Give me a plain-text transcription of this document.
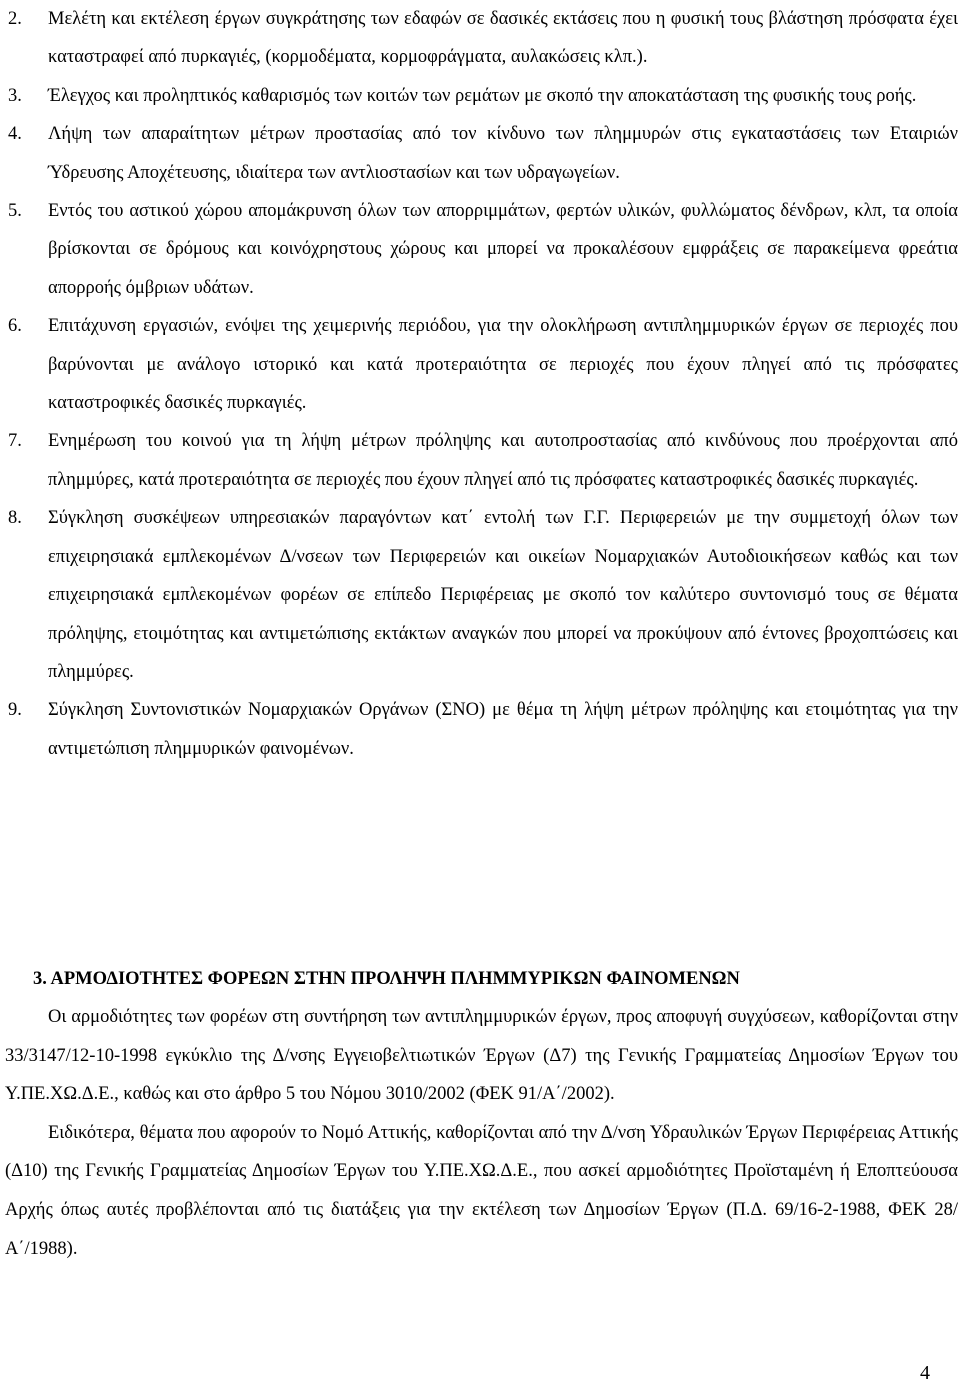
2.	Μελέτη και εκτέλεση έργων συγκράτησης των εδαφών σε δασικές εκτάσεις που η φυσική τους βλάστηση πρόσφατα έχει καταστραφεί από πυρκαγιές, (κορμοδέματα, κορμοφράγματα, αυλακώσεις κλπ.).
3.	Έλεγχος και προληπτικός καθαρισμός των κοιτών των ρεμάτων με σκοπό την αποκατάσταση της φυσικής τους ροής.
4.	Λήψη των απαραίτητων μέτρων προστασίας από τον κίνδυνο των πλημμυρών στις εγκαταστάσεις των Εταιριών Ύδρευσης Αποχέτευσης, ιδιαίτερα των αντλιοστασίων και των υδραγωγείων.
5.	Εντός του αστικού χώρου απομάκρυνση όλων των απορριμμάτων, φερτών υλικών, φυλλώματος δένδρων, κλπ, τα οποία βρίσκονται σε δρόμους και κοινόχρηστους χώρους και μπορεί να προκαλέσουν εμφράξεις σε παρακείμενα φρεάτια απορροής όμβριων υδάτων.
6.	Επιτάχυνση εργασιών, ενόψει της χειμερινής περιόδου, για την ολοκλήρωση αντιπλημμυρικών έργων σε περιοχές που βαρύνονται με ανάλογο ιστορικό και κατά προτεραιότητα σε περιοχές που έχουν πληγεί από τις πρόσφατες καταστροφικές δασικές πυρκαγιές.
7.	Ενημέρωση του κοινού για τη λήψη μέτρων πρόληψης και αυτοπροστασίας από κινδύνους που προέρχονται από πλημμύρες, κατά προτεραιότητα σε περιοχές που έχουν πληγεί από τις πρόσφατες καταστροφικές δασικές πυρκαγιές.
8.	Σύγκληση συσκέψεων υπηρεσιακών παραγόντων κατ΄ εντολή των Γ.Γ. Περιφερειών με την συμμετοχή όλων των επιχειρησιακά εμπλεκομένων Δ/νσεων των Περιφερειών και οικείων Νομαρχιακών Αυτοδιοικήσεων καθώς και των επιχειρησιακά εμπλεκομένων φορέων σε επίπεδο Περιφέρειας με σκοπό τον καλύτερο συντονισμό τους σε θέματα πρόληψης, ετοιμότητας και αντιμετώπισης εκτάκτων αναγκών που μπορεί να προκύψουν από έντονες βροχοπτώσεις και πλημμύρες.
9.	Σύγκληση Συντονιστικών Νομαρχιακών Οργάνων (ΣΝΟ) με θέμα τη λήψη μέτρων πρόληψης και ετοιμότητας για την αντιμετώπιση πλημμυρικών φαινομένων.
3. ΑΡΜΟΔΙΟΤΗΤΕΣ ΦΟΡΕΩΝ ΣΤΗΝ ΠΡΟΛΗΨΗ ΠΛΗΜΜΥΡΙΚΩΝ ΦΑΙΝΟΜΕΝΩΝ

Οι αρμοδιότητες των φορέων στη συντήρηση των αντιπλημμυρικών έργων, προς αποφυγή συγχύσεων, καθορίζονται στην 33/3147/12-10-1998 εγκύκλιο της Δ/νσης Εγγειοβελτιωτικών Έργων (Δ7) της Γενικής Γραμματείας Δημοσίων Έργων του Υ.ΠΕ.ΧΩ.Δ.Ε., καθώς και στο άρθρο 5 του Νόμου 3010/2002 (ΦΕΚ 91/Α΄/2002).

Ειδικότερα, θέματα που αφορούν το Νομό Αττικής, καθορίζονται από την Δ/νση Υδραυλικών Έργων Περιφέρειας Αττικής (Δ10) της Γενικής Γραμματείας Δημοσίων Έργων του Υ.ΠΕ.ΧΩ.Δ.Ε., που ασκεί αρμοδιότητες Προϊσταμένη ή Εποπτεύουσα Αρχής όπως αυτές προβλέπονται από τις διατάξεις για την εκτέλεση των Δημοσίων Έργων (Π.Δ. 69/16-2-1988, ΦΕΚ 28/Α΄/1988).

4
